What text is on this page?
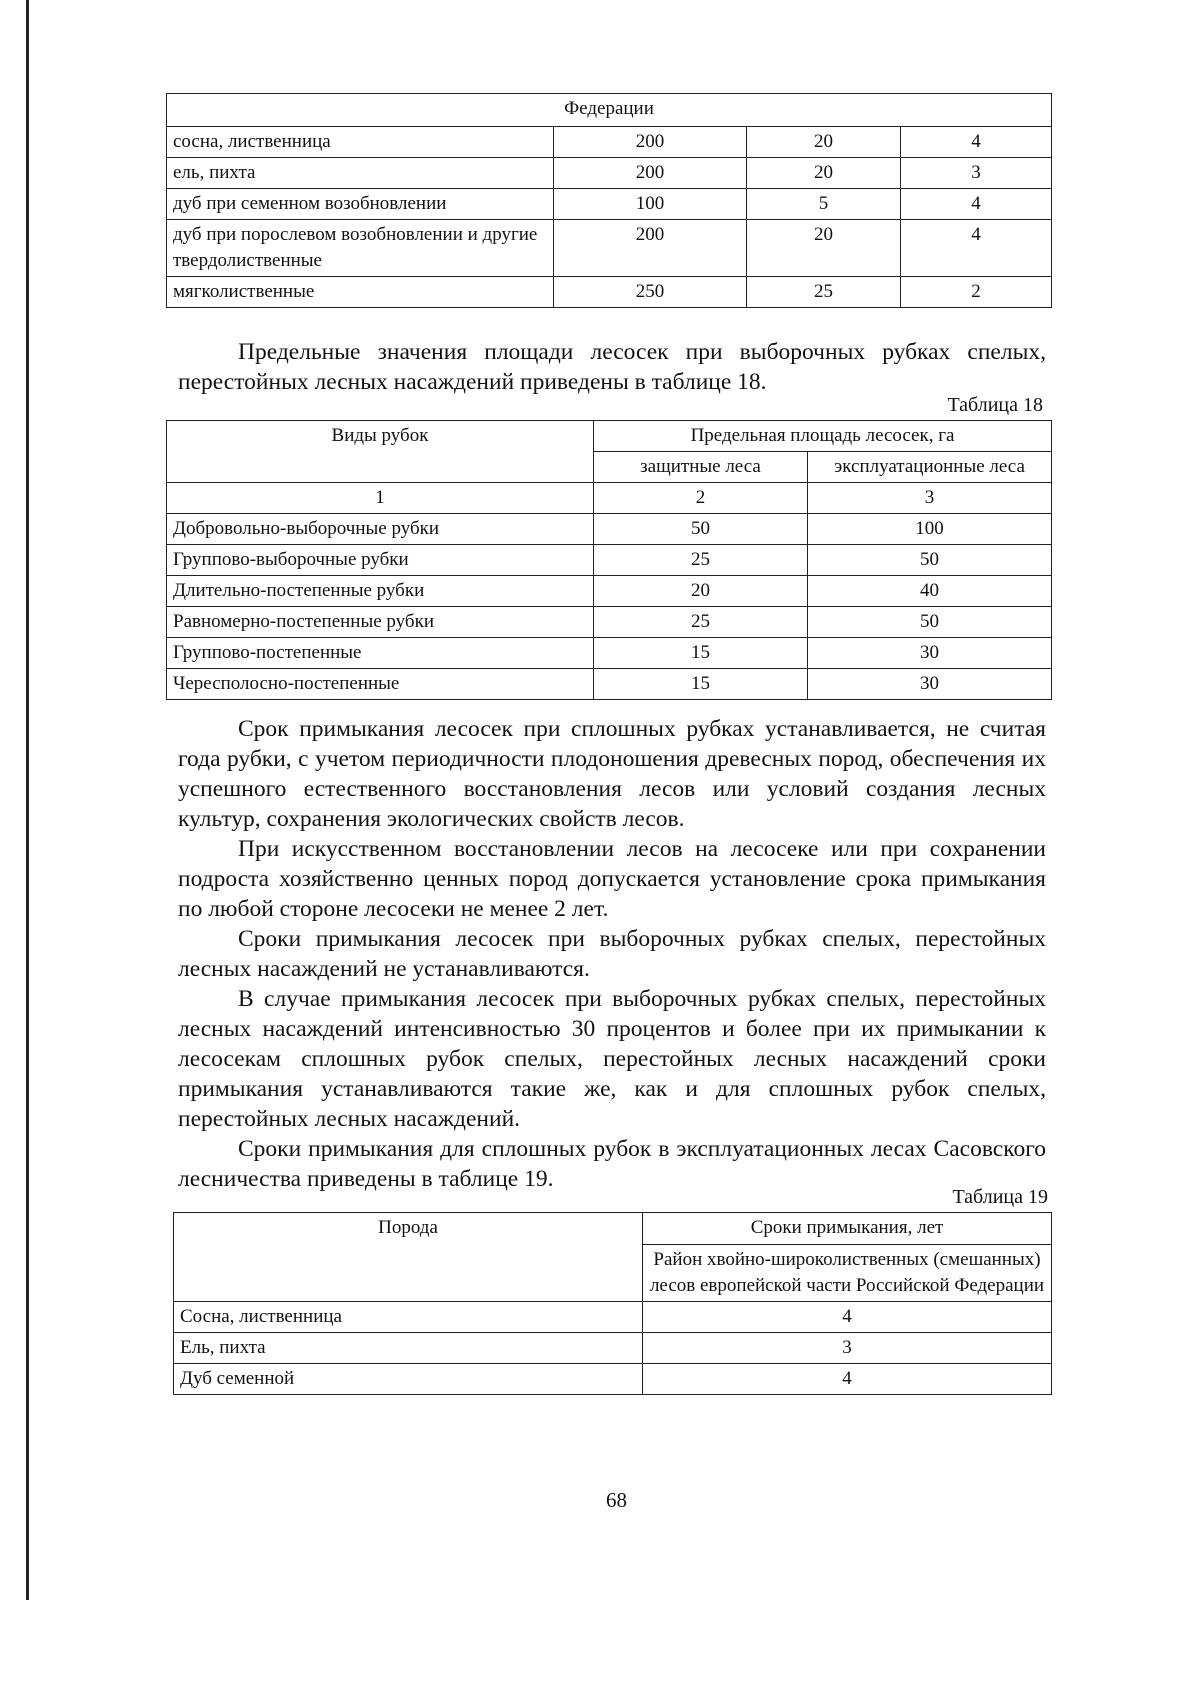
Федерации			
сосна, лиственница	200	20	4
ель, пихта	200	20	3
дуб при семенном возобновлении	100	5	4
дуб при порослевом возобновлении и другие твердолиственные	200	20	4
мягколиственные	250	25	2

Предельные значения площади лесосек при выборочных рубках спелых, перестойных лесных насаждений приведены в таблице 18.

Таблица 18
Виды рубок	Предельная площадь лесосек, га	
	защитные леса	эксплуатационные леса
1	2	3
Добровольно-выборочные рубки	50	100
Группово-выборочные рубки	25	50
Длительно-постепенные рубки	20	40
Равномерно-постепенные рубки	25	50
Группово-постепенные	15	30
Чересполосно-постепенные	15	30

Срок примыкания лесосек при сплошных рубках устанавливается, не считая года рубки, с учетом периодичности плодоношения древесных пород, обеспечения их успешного естественного восстановления лесов или условий создания лесных культур, сохранения экологических свойств лесов.

При искусственном восстановлении лесов на лесосеке или при сохранении подроста хозяйственно ценных пород допускается установление срока примыкания по любой стороне лесосеки не менее 2 лет.

Сроки примыкания лесосек при выборочных рубках спелых, перестойных лесных насаждений не устанавливаются.

В случае примыкания лесосек при выборочных рубках спелых, перестойных лесных насаждений интенсивностью 30 процентов и более при их примыкании к лесосекам сплошных рубок спелых, перестойных лесных насаждений сроки примыкания устанавливаются такие же, как и для сплошных рубок спелых, перестойных лесных насаждений.

Сроки примыкания для сплошных рубок в эксплуатационных лесах Сасовского лесничества приведены в таблице 19.

Таблица 19
Порода	Сроки примыкания, лет
	Район хвойно-широколиственных (смешанных) лесов европейской части Российской Федерации
Сосна, лиственница	4
Ель, пихта	3
Дуб семенной	4
68
